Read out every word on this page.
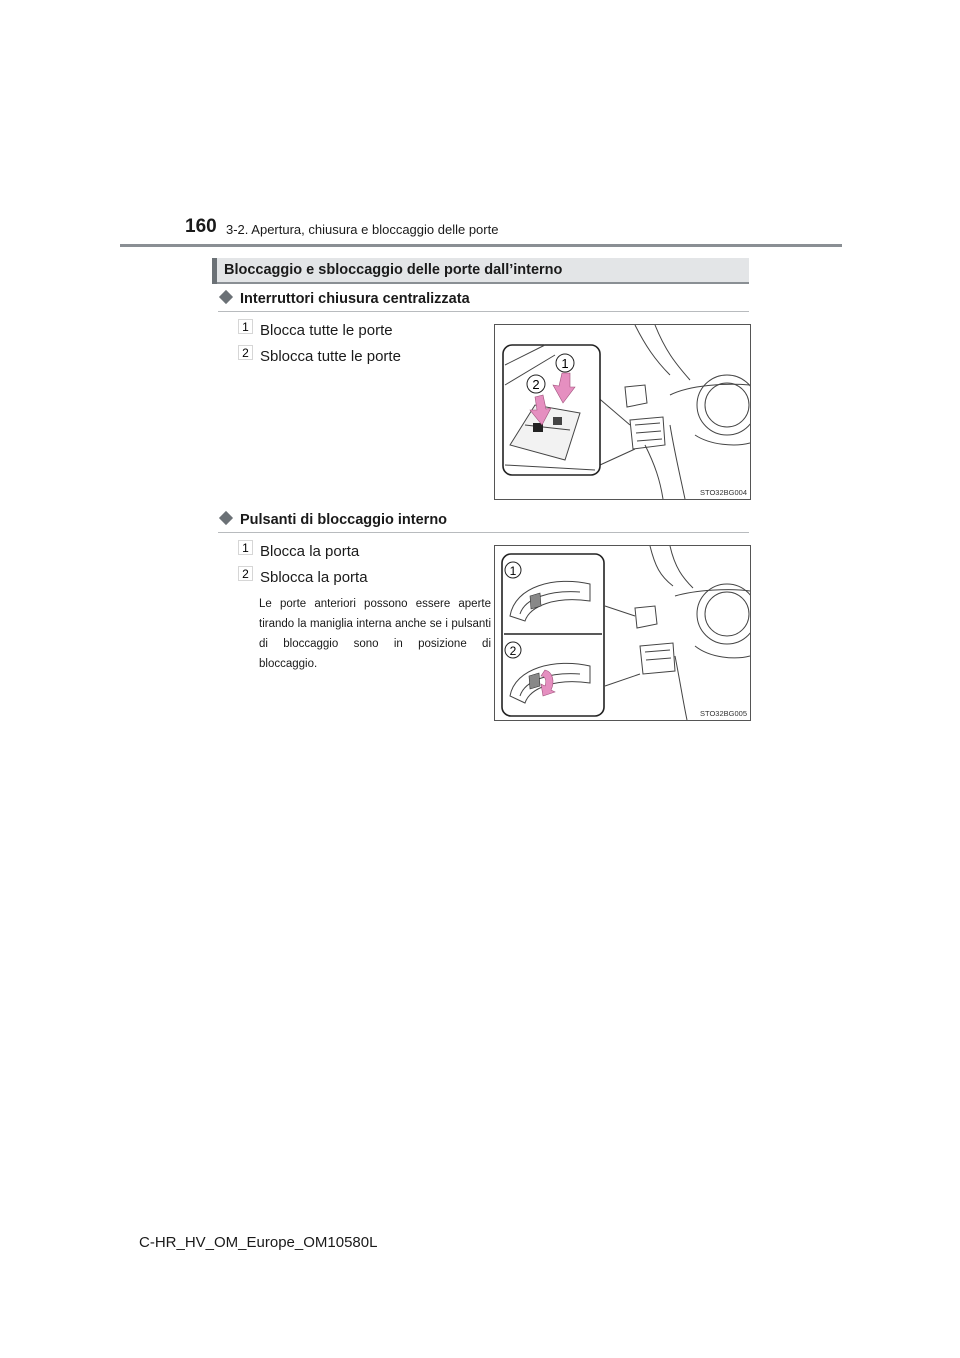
160 3-2. Apertura, chiusura e bloccaggio delle porte
Bloccaggio e sbloccaggio delle porte dall’interno
Interruttori chiusura centralizzata
1 Blocca tutte le porte
2 Sblocca tutte le porte	1
2
STO32BG004
Pulsanti di bloccaggio interno
1 Blocca la porta
2 Sblocca la porta
Le porte anteriori possono essere aperte tirando la maniglia interna anche se i pulsanti di bloccaggio sono in posizione di bloccaggio.
1
2
STO32BG005
C-HR_HV_OM_Europe_OM10580L
